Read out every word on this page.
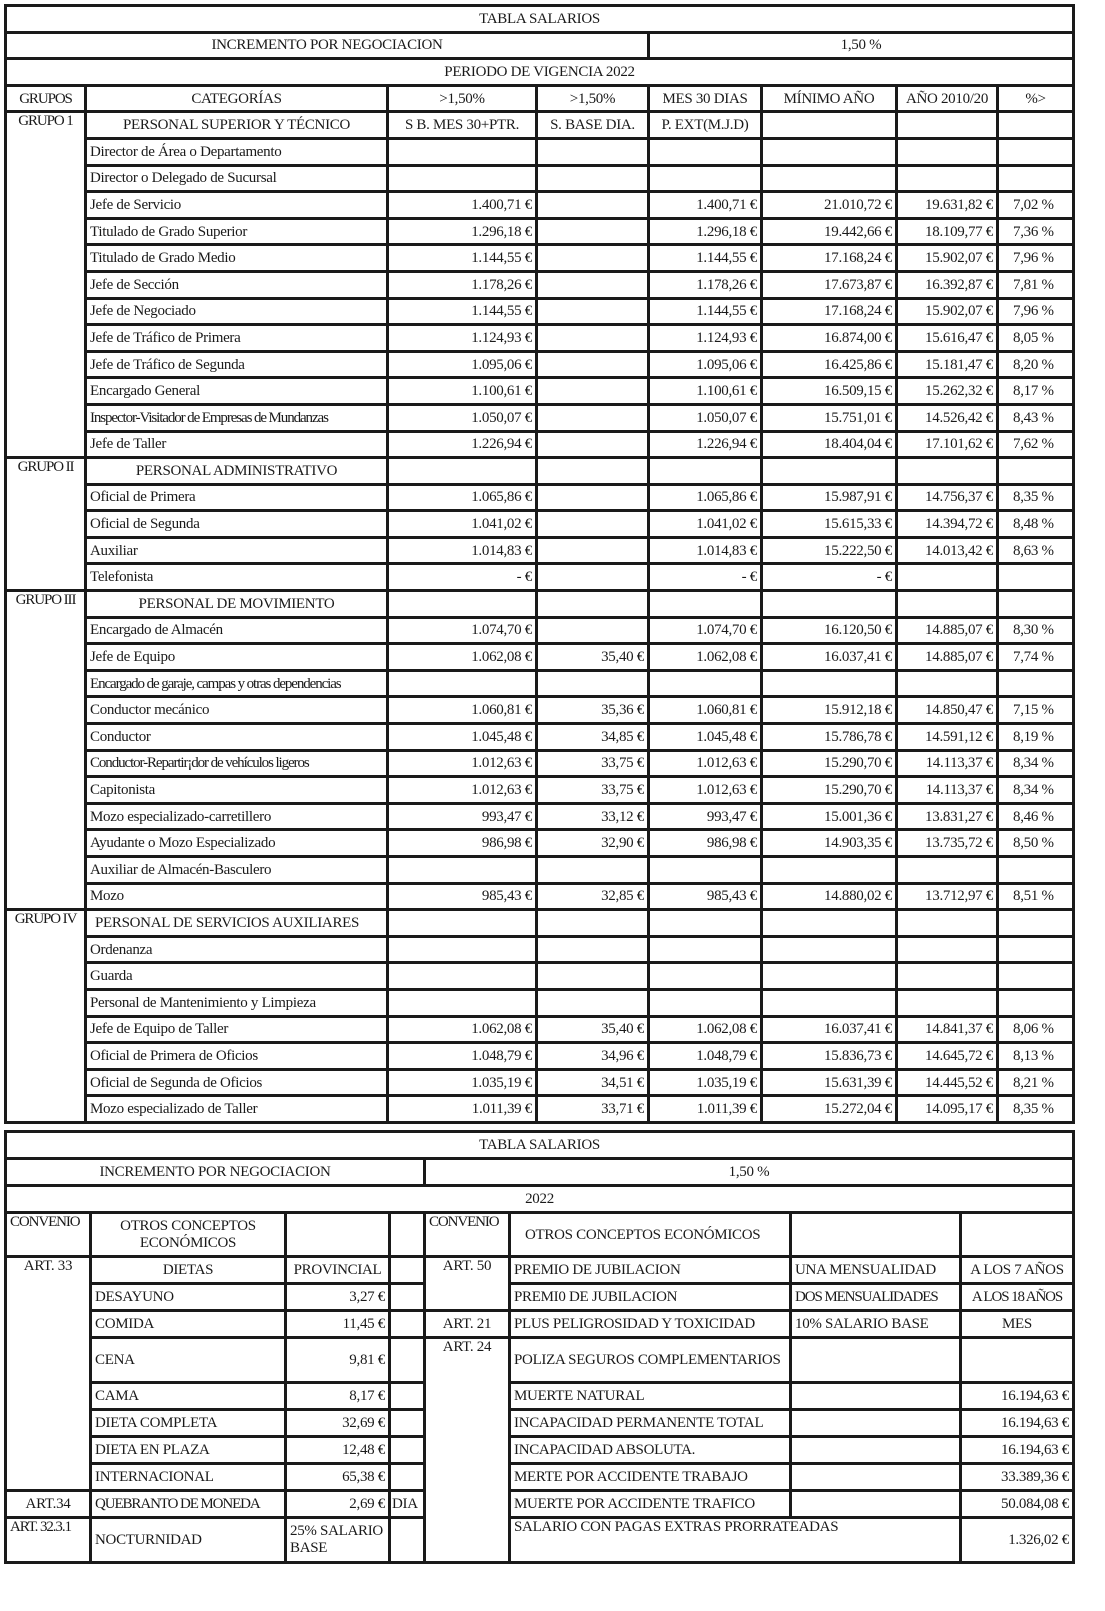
TABLA SALARIOS							
INCREMENTO POR NEGOCIACION				1,50 %			
PERIODO DE VIGENCIA 2022							
GRUPOS	CATEGORÍAS	>1,50%	>1,50%	MES 30 DIAS	MÍNIMO AÑO	AÑO 2010/20	%>
GRUPO 1	PERSONAL SUPERIOR Y TÉCNICO	S B. MES 30+PTR.	S. BASE DIA.	P. EXT(M.J.D)			
	Director de Área o Departamento						
	Director o Delegado de Sucursal						
	Jefe de Servicio	1.400,71 €		1.400,71 €	21.010,72 €	19.631,82 €	7,02 %
	Titulado de Grado Superior	1.296,18 €		1.296,18 €	19.442,66 €	18.109,77 €	7,36 %
	Titulado de Grado Medio	1.144,55 €		1.144,55 €	17.168,24 €	15.902,07 €	7,96 %
	Jefe de Sección	1.178,26 €		1.178,26 €	17.673,87 €	16.392,87 €	7,81 %
	Jefe de Negociado	1.144,55 €		1.144,55 €	17.168,24 €	15.902,07 €	7,96 %
	Jefe de Tráfico de Primera	1.124,93 €		1.124,93 €	16.874,00 €	15.616,47 €	8,05 %
	Jefe de Tráfico de Segunda	1.095,06 €		1.095,06 €	16.425,86 €	15.181,47 €	8,20 %
	Encargado General	1.100,61 €		1.100,61 €	16.509,15 €	15.262,32 €	8,17 %
	Inspector-Visitador de Empresas de Mundanzas	1.050,07 €		1.050,07 €	15.751,01 €	14.526,42 €	8,43 %
	Jefe de Taller	1.226,94 €		1.226,94 €	18.404,04 €	17.101,62 €	7,62 %
GRUPO II	PERSONAL ADMINISTRATIVO						
	Oficial de Primera	1.065,86 €		1.065,86 €	15.987,91 €	14.756,37 €	8,35 %
	Oficial de Segunda	1.041,02 €		1.041,02 €	15.615,33 €	14.394,72 €	8,48 %
	Auxiliar	1.014,83 €		1.014,83 €	15.222,50 €	14.013,42 €	8,63 %
	Telefonista	- €		- €	- €		
GRUPO III	PERSONAL DE MOVIMIENTO						
	Encargado de Almacén	1.074,70 €		1.074,70 €	16.120,50 €	14.885,07 €	8,30 %
	Jefe de Equipo	1.062,08 €	35,40 €	1.062,08 €	16.037,41 €	14.885,07 €	7,74 %
	Encargado de garaje, campas y otras dependencias						
	Conductor mecánico	1.060,81 €	35,36 €	1.060,81 €	15.912,18 €	14.850,47 €	7,15 %
	Conductor	1.045,48 €	34,85 €	1.045,48 €	15.786,78 €	14.591,12 €	8,19 %
	Conductor-Repartir¡dor de vehículos ligeros	1.012,63 €	33,75 €	1.012,63 €	15.290,70 €	14.113,37 €	8,34 %
	Capitonista	1.012,63 €	33,75 €	1.012,63 €	15.290,70 €	14.113,37 €	8,34 %
	Mozo especializado-carretillero	993,47 €	33,12 €	993,47 €	15.001,36 €	13.831,27 €	8,46 %
	Ayudante o Mozo Especializado	986,98 €	32,90 €	986,98 €	14.903,35 €	13.735,72 €	8,50 %
	Auxiliar de Almacén-Basculero						
	Mozo	985,43 €	32,85 €	985,43 €	14.880,02 €	13.712,97 €	8,51 %
GRUPO IV	PERSONAL DE SERVICIOS AUXILIARES						
	Ordenanza						
	Guarda						
	Personal de Mantenimiento y Limpieza						
	Jefe de Equipo de Taller	1.062,08 €	35,40 €	1.062,08 €	16.037,41 €	14.841,37 €	8,06 %
	Oficial de Primera de Oficios	1.048,79 €	34,96 €	1.048,79 €	15.836,73 €	14.645,72 €	8,13 %
	Oficial de Segunda de Oficios	1.035,19 €	34,51 €	1.035,19 €	15.631,39 €	14.445,52 €	8,21 %
	Mozo especializado de Taller	1.011,39 €	33,71 €	1.011,39 €	15.272,04 €	14.095,17 €	8,35 %
TABLA SALARIOS								
INCREMENTO POR NEGOCIACION				1,50 %				
2022								
CONVENIO	OTROS CONCEPTOS ECONÓMICOS			CONVENIO	OTROS CONCEPTOS ECONÓMICOS			
ART. 33	DIETAS	PROVINCIAL		ART. 50	PREMIO DE JUBILACION	UNA MENSUALIDAD	A LOS 7 AÑOS	
	DESAYUNO	3,27 €			PREMI0 DE JUBILACION	DOS MENSUALIDADES	A LOS 18 AÑOS	
	COMIDA	11,45 €		ART. 21	PLUS PELIGROSIDAD Y TOXICIDAD	10% SALARIO BASE	MES	
	CENA	9,81 €		ART. 24	POLIZA SEGUROS COMPLEMENTARIOS			
	CAMA	8,17 €			MUERTE NATURAL		16.194,63 €	
	DIETA COMPLETA	32,69 €			INCAPACIDAD PERMANENTE TOTAL		16.194,63 €	
	DIETA EN PLAZA	12,48 €			INCAPACIDAD ABSOLUTA.		16.194,63 €	
	INTERNACIONAL	65,38 €			MERTE POR ACCIDENTE TRABAJO		33.389,36 €	
ART.34	QUEBRANTO DE MONEDA	2,69 €	DIA		MUERTE POR ACCIDENTE TRAFICO		50.084,08 €	
ART. 32.3.1	NOCTURNIDAD	25% SALARIO BASE			SALARIO CON PAGAS EXTRAS PRORRATEADAS		1.326,02 €	
